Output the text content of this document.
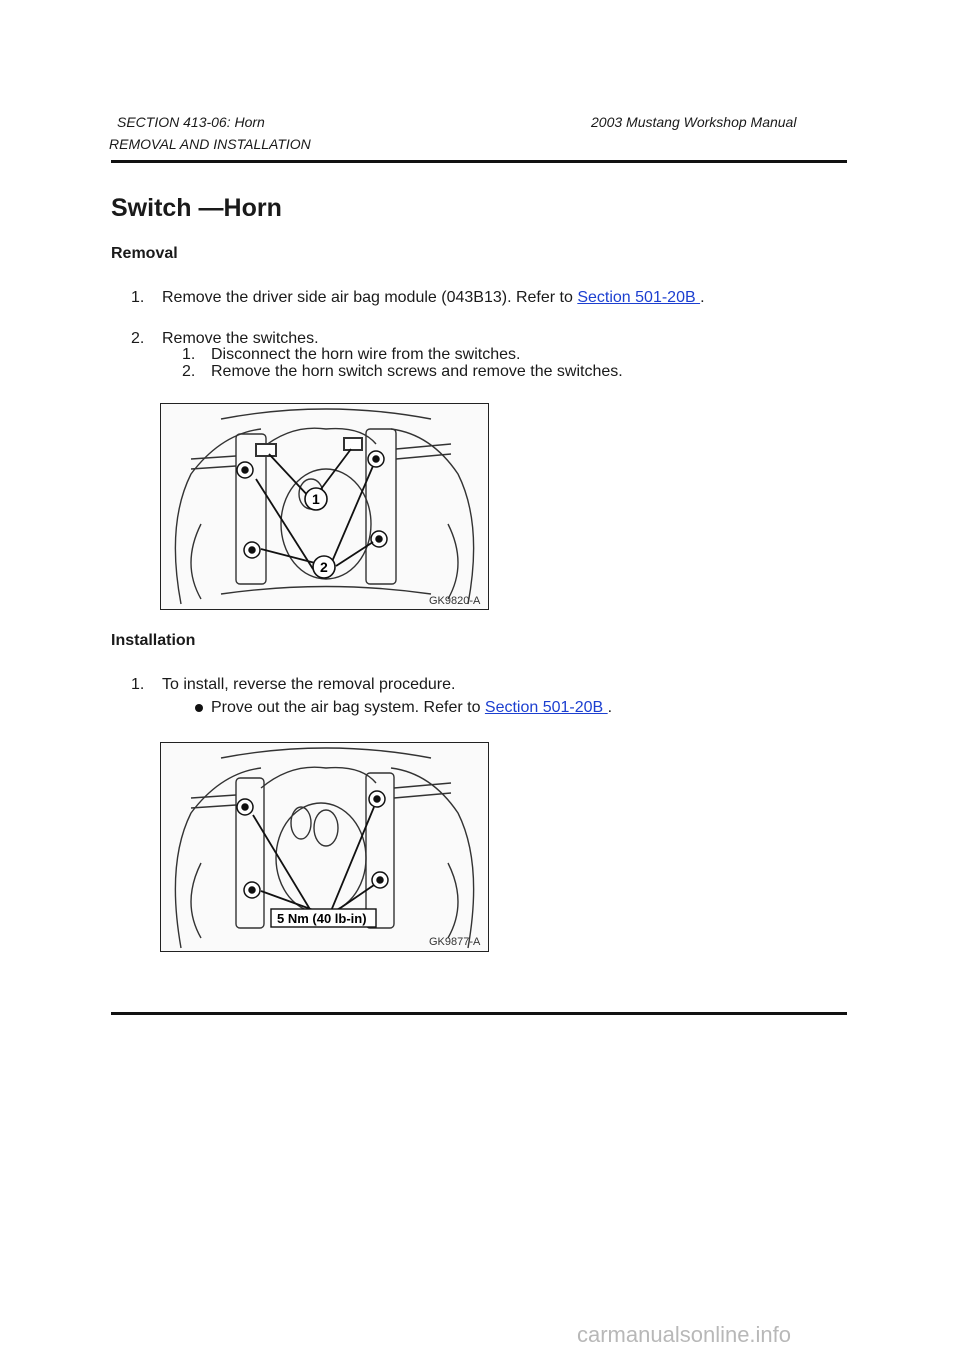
SECTION 413-06: Horn	2003 Mustang Workshop Manual
REMOVAL AND INSTALLATION
Switch —Horn
Removal
1. Remove the driver side air bag module (043B13). Refer to Section 501-20B .
2. Remove the switches.
1. Disconnect the horn wire from the switches.
2. Remove the horn switch screws and remove the switches.
1
2
GK9820-A
Installation
1. To install, reverse the removal procedure.
Prove out the air bag system. Refer to Section 501-20B .
5 Nm (40 lb-in)
GK9877-A
carmanualsonline.info
